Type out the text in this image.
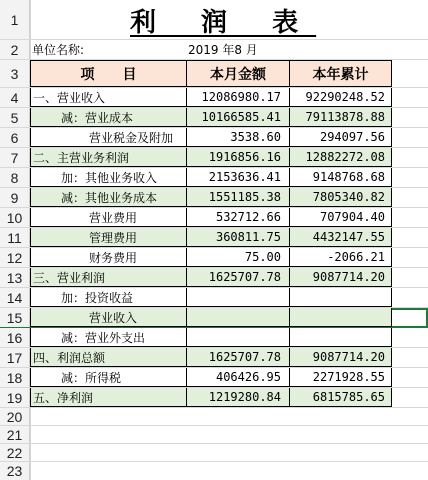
1	利 润 表
2	单位名称:	2019 年8 月
3	项　　目	本月金额	本年累计
4	一、营业收入	12086980.17	92290248.52
5	减：营业成本	10166585.41	79113878.88
6	营业税金及附加	3538.60	294097.56
7	二、主营业务利润	1916856.16	12882272.08
8	加：其他业务收入	2153636.41	9148768.68
9	减：其他业务成本	1551185.38	7805340.82
10	营业费用	532712.66	707904.40
11	管理费用	360811.75	4432147.55
12	财务费用	75.00	-2066.21
13 三、营业利润	1625707.78	9087714.20
14	加：投资收益
15	营业收入
16	减：营业外支出
17 四、利润总额	1625707.78	9087714.20
18	减：所得税	406426.95	2271928.55
19 五、净利润	1219280.84	6815785.65
20
21
22
23
